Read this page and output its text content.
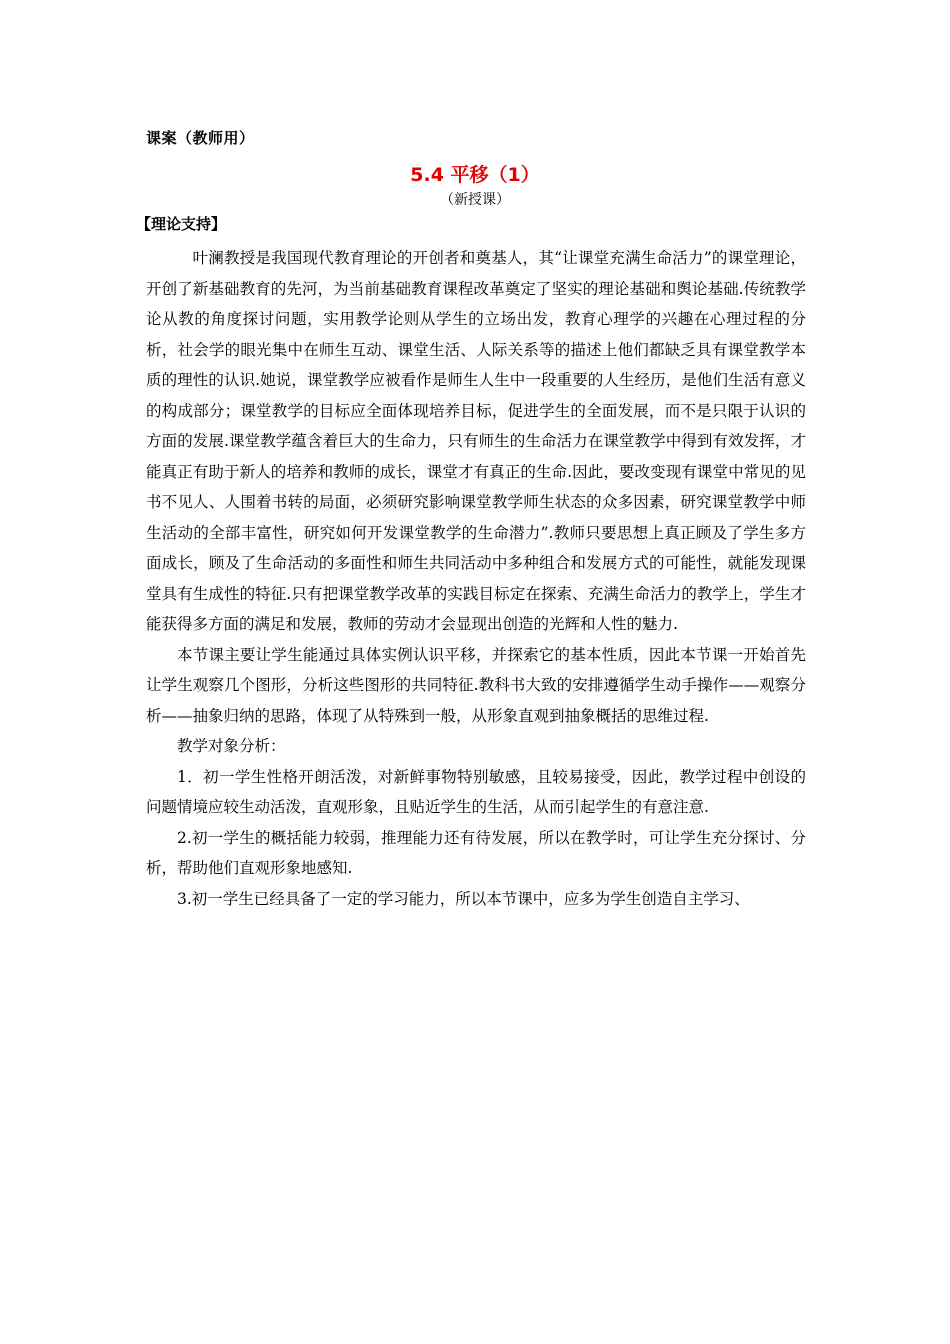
课案（教师用）
5.4 平移（1）
（新授课）
【理论支持】

叶澜教授是我国现代教育理论的开创者和奠基人，其“让课堂充满生命活力”的课堂理论，开创了新基础教育的先河，为当前基础教育课程改革奠定了坚实的理论基础和舆论基础.传统教学论从教的角度探讨问题，实用教学论则从学生的立场出发，教育心理学的兴趣在心理过程的分析，社会学的眼光集中在师生互动、课堂生活、人际关系等的描述上他们都缺乏具有课堂教学本质的理性的认识.她说，课堂教学应被看作是师生人生中一段重要的人生经历，是他们生活有意义的构成部分；课堂教学的目标应全面体现培养目标，促进学生的全面发展，而不是只限于认识的方面的发展.课堂教学蕴含着巨大的生命力，只有师生的生命活力在课堂教学中得到有效发挥，才能真正有助于新人的培养和教师的成长，课堂才有真正的生命.因此，要改变现有课堂中常见的见书不见人、人围着书转的局面，必须研究影响课堂教学师生状态的众多因素，研究课堂教学中师生活动的全部丰富性，研究如何开发课堂教学的生命潜力”.教师只要思想上真正顾及了学生多方面成长，顾及了生命活动的多面性和师生共同活动中多种组合和发展方式的可能性，就能发现课堂具有生成性的特征.只有把课堂教学改革的实践目标定在探索、充满生命活力的教学上，学生才能获得多方面的满足和发展，教师的劳动才会显现出创造的光辉和人性的魅力.

本节课主要让学生能通过具体实例认识平移，并探索它的基本性质，因此本节课一开始首先让学生观察几个图形，分析这些图形的共同特征.教科书大致的安排遵循学生动手操作——观察分析——抽象归纳的思路，体现了从特殊到一般，从形象直观到抽象概括的思维过程.

教学对象分析：

1．初一学生性格开朗活泼，对新鲜事物特别敏感，且较易接受，因此，教学过程中创设的问题情境应较生动活泼，直观形象，且贴近学生的生活，从而引起学生的有意注意.

2.初一学生的概括能力较弱，推理能力还有待发展，所以在教学时，可让学生充分探讨、分析，帮助他们直观形象地感知.

3.初一学生已经具备了一定的学习能力，所以本节课中，应多为学生创造自主学习、
